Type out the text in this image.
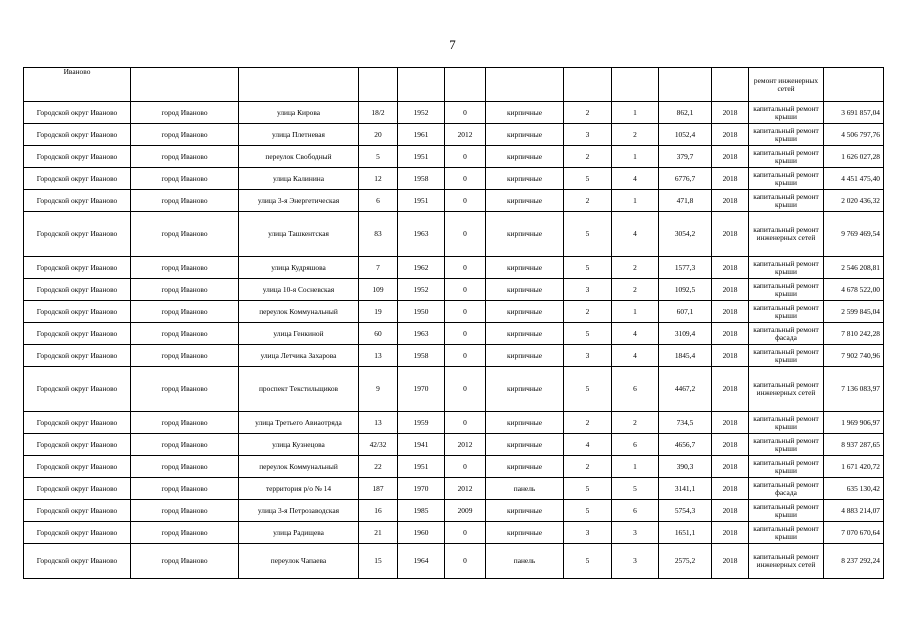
7
Иваново											ремонт инженерных сетей	
Городской округ Иваново	город Иваново	улица Кирова	18/2	1952	0	кирпичные	2	1	862,1	2018	капитальный ремонт крыши	3 691 857,04
Городской округ Иваново	город Иваново	улица Плетневая	20	1961	2012	кирпичные	3	2	1052,4	2018	капитальный ремонт крыши	4 506 797,76
Городской округ Иваново	город Иваново	переулок Свободный	5	1951	0	кирпичные	2	1	379,7	2018	капитальный ремонт крыши	1 626 027,28
Городской округ Иваново	город Иваново	улица Калинина	12	1958	0	кирпичные	5	4	6776,7	2018	капитальный ремонт крыши	4 451 475,40
Городской округ Иваново	город Иваново	улица 3-я Энергетическая	6	1951	0	кирпичные	2	1	471,8	2018	капитальный ремонт крыши	2 020 436,32
Городской округ Иваново	город Иваново	улица Ташкентская	83	1963	0	кирпичные	5	4	3054,2	2018	капитальный ремонт инженерных сетей	9 769 469,54
Городской округ Иваново	город Иваново	улица Кудряшова	7	1962	0	кирпичные	5	2	1577,3	2018	капитальный ремонт крыши	2 546 208,81
Городской округ Иваново	город Иваново	улица 10-я Сосневская	109	1952	0	кирпичные	3	2	1092,5	2018	капитальный ремонт крыши	4 678 522,00
Городской округ Иваново	город Иваново	переулок Коммунальный	19	1950	0	кирпичные	2	1	607,1	2018	капитальный ремонт крыши	2 599 845,04
Городской округ Иваново	город Иваново	улица Генкиной	60	1963	0	кирпичные	5	4	3109,4	2018	капитальный ремонт фасада	7 810 242,28
Городской округ Иваново	город Иваново	улица Летчика Захарова	13	1958	0	кирпичные	3	4	1845,4	2018	капитальный ремонт крыши	7 902 740,96
Городской округ Иваново	город Иваново	проспект Текстильщиков	9	1970	0	кирпичные	5	6	4467,2	2018	капитальный ремонт инженерных сетей	7 136 083,97
Городской округ Иваново	город Иваново	улица Третьего Авиаотряда	13	1959	0	кирпичные	2	2	734,5	2018	капитальный ремонт крыши	1 969 906,97
Городской округ Иваново	город Иваново	улица Кузнецова	42/32	1941	2012	кирпичные	4	6	4656,7	2018	капитальный ремонт крыши	8 937 287,65
Городской округ Иваново	город Иваново	переулок Коммунальный	22	1951	0	кирпичные	2	1	390,3	2018	капитальный ремонт крыши	1 671 420,72
Городской округ Иваново	город Иваново	территория р/о № 14	187	1970	2012	панель	5	5	3141,1	2018	капитальный ремонт фасада	635 130,42
Городской округ Иваново	город Иваново	улица 3-я Петрозаводская	16	1985	2009	кирпичные	5	6	5754,3	2018	капитальный ремонт крыши	4 883 214,07
Городской округ Иваново	город Иваново	улица Радищева	21	1960	0	кирпичные	3	3	1651,1	2018	капитальный ремонт крыши	7 070 670,64
Городской округ Иваново	город Иваново	переулок Чапаева	15	1964	0	панель	5	3	2575,2	2018	капитальный ремонт инженерных сетей	8 237 292,24
